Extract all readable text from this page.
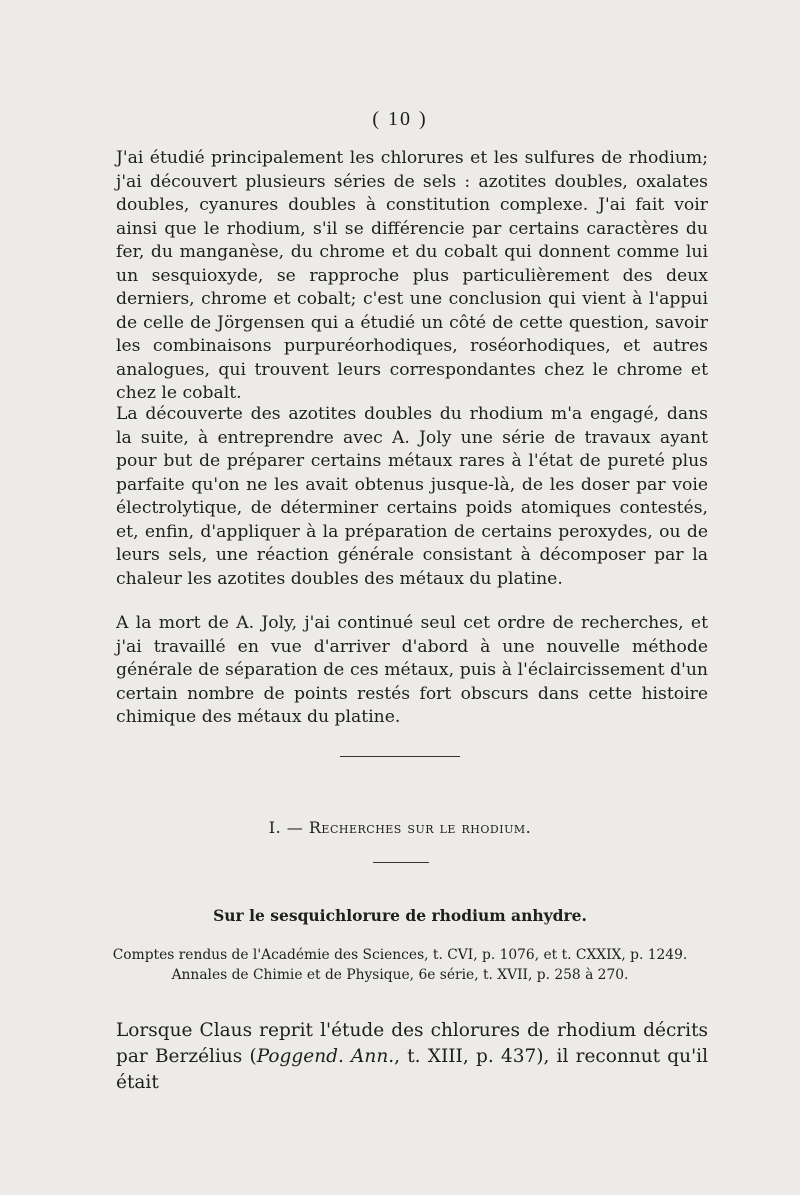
( 10 )

J'ai étudié principalement les chlorures et les sulfures de rhodium; j'ai découvert plusieurs séries de sels : azotites doubles, oxalates doubles, cyanures doubles à constitution complexe. J'ai fait voir ainsi que le rhodium, s'il se différencie par certains caractères du fer, du manganèse, du chrome et du cobalt qui donnent comme lui un sesquioxyde, se rapproche plus particulièrement des deux derniers, chrome et cobalt; c'est une conclusion qui vient à l'appui de celle de Jörgensen qui a étudié un côté de cette question, savoir les combinaisons purpuréorhodiques, roséorhodiques, et autres analogues, qui trouvent leurs correspondantes chez le chrome et chez le cobalt.

La découverte des azotites doubles du rhodium m'a engagé, dans la suite, à entreprendre avec A. Joly une série de travaux ayant pour but de préparer certains métaux rares à l'état de pureté plus parfaite qu'on ne les avait obtenus jusque-là, de les doser par voie électrolytique, de déterminer certains poids atomiques contestés, et, enfin, d'appliquer à la préparation de certains peroxydes, ou de leurs sels, une réaction générale consistant à décomposer par la chaleur les azotites doubles des métaux du platine.

A la mort de A. Joly, j'ai continué seul cet ordre de recherches, et j'ai travaillé en vue d'arriver d'abord à une nouvelle méthode générale de séparation de ces métaux, puis à l'éclaircissement d'un certain nombre de points restés fort obscurs dans cette histoire chimique des métaux du platine.

I. — Recherches sur le rhodium.
Sur le sesquichlorure de rhodium anhydre.
Comptes rendus de l'Académie des Sciences, t. CVI, p. 1076, et t. CXXIX, p. 1249.
Annales de Chimie et de Physique, 6e série, t. XVII, p. 258 à 270.
Lorsque Claus reprit l'étude des chlorures de rhodium décrits par Berzélius (Poggend. Ann., t. XIII, p. 437), il reconnut qu'il était
